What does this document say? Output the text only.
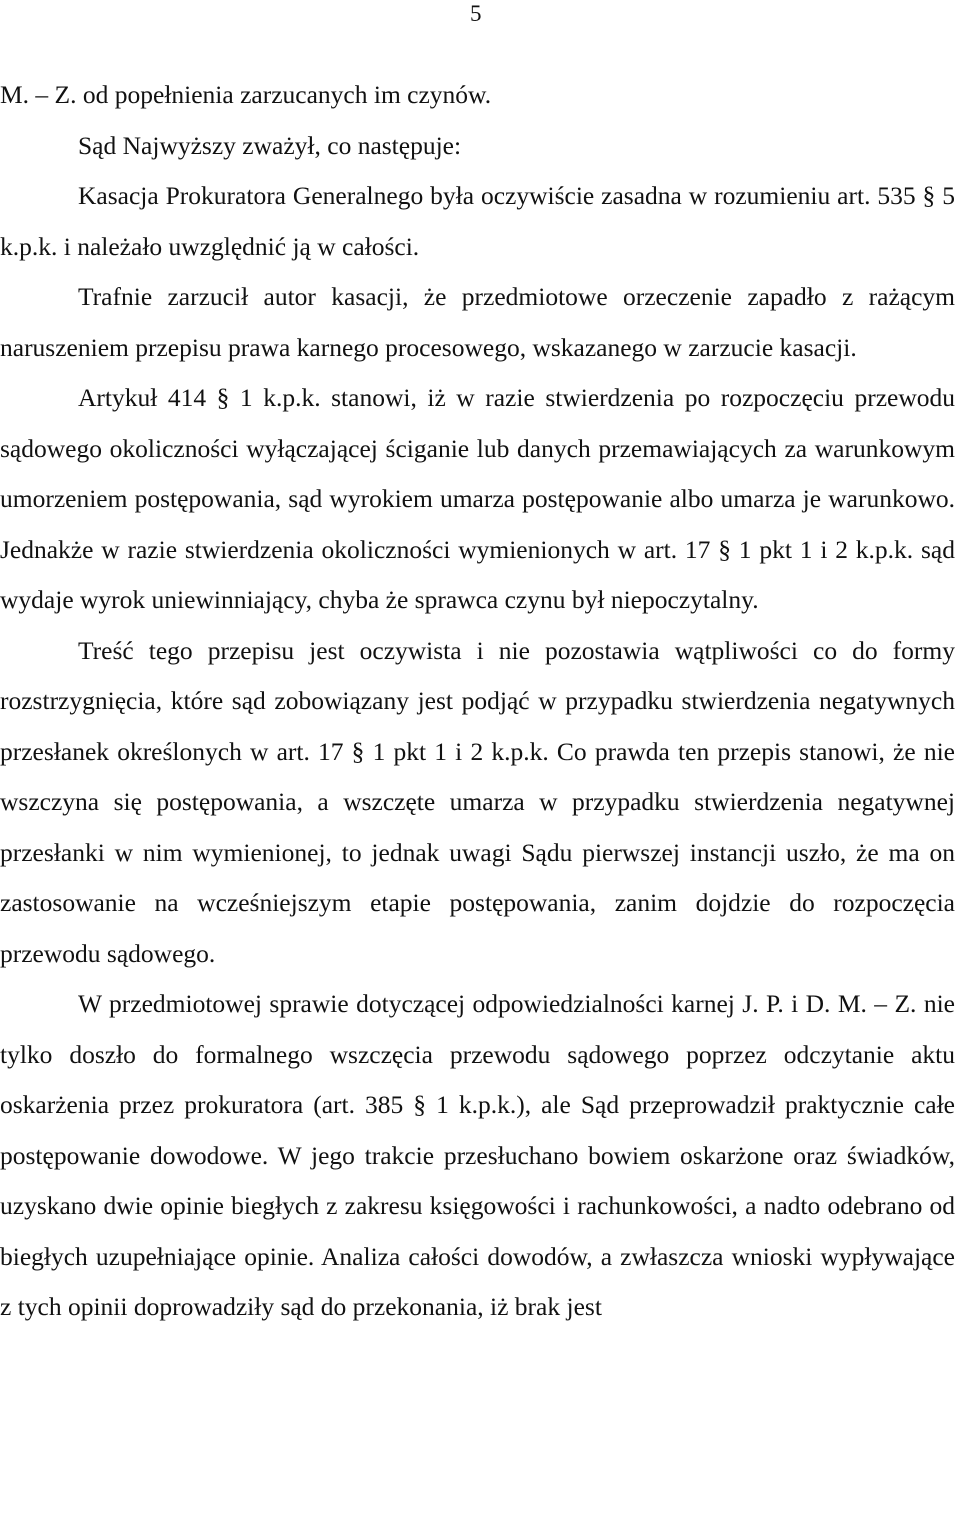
5

M. – Z. od popełnienia zarzucanych im czynów.

Sąd Najwyższy zważył, co następuje:

Kasacja Prokuratora Generalnego była oczywiście zasadna w rozumieniu art. 535 § 5 k.p.k. i należało uwzględnić ją w całości.

Trafnie zarzucił autor kasacji, że przedmiotowe orzeczenie zapadło z rażącym naruszeniem przepisu prawa karnego procesowego, wskazanego w zarzucie kasacji.

Artykuł 414 § 1 k.p.k. stanowi, iż w razie stwierdzenia po rozpoczęciu przewodu sądowego okoliczności wyłączającej ściganie lub danych przemawiających za warunkowym umorzeniem postępowania, sąd wyrokiem umarza postępowanie albo umarza je warunkowo. Jednakże w razie stwierdzenia okoliczności wymienionych w art. 17 § 1 pkt 1 i 2 k.p.k. sąd wydaje wyrok uniewinniający, chyba że sprawca czynu był niepoczytalny.

Treść tego przepisu jest oczywista i nie pozostawia wątpliwości co do formy rozstrzygnięcia, które sąd zobowiązany jest podjąć w przypadku stwierdzenia negatywnych przesłanek określonych w art. 17 § 1 pkt 1 i 2 k.p.k. Co prawda ten przepis stanowi, że nie wszczyna się postępowania, a wszczęte umarza w przypadku stwierdzenia negatywnej przesłanki w nim wymienionej, to jednak uwagi Sądu pierwszej instancji uszło, że ma on zastosowanie na wcześniejszym etapie postępowania, zanim dojdzie do rozpoczęcia przewodu sądowego.

W przedmiotowej sprawie dotyczącej odpowiedzialności karnej J. P. i D. M. – Z. nie tylko doszło do formalnego wszczęcia przewodu sądowego poprzez odczytanie aktu oskarżenia przez prokuratora (art. 385 § 1 k.p.k.), ale Sąd przeprowadził praktycznie całe postępowanie dowodowe. W jego trakcie przesłuchano bowiem oskarżone oraz świadków, uzyskano dwie opinie biegłych z zakresu księgowości i rachunkowości, a nadto odebrano od biegłych uzupełniające opinie. Analiza całości dowodów, a zwłaszcza wnioski wypływające z tych opinii doprowadziły sąd do przekonania, iż brak jest
